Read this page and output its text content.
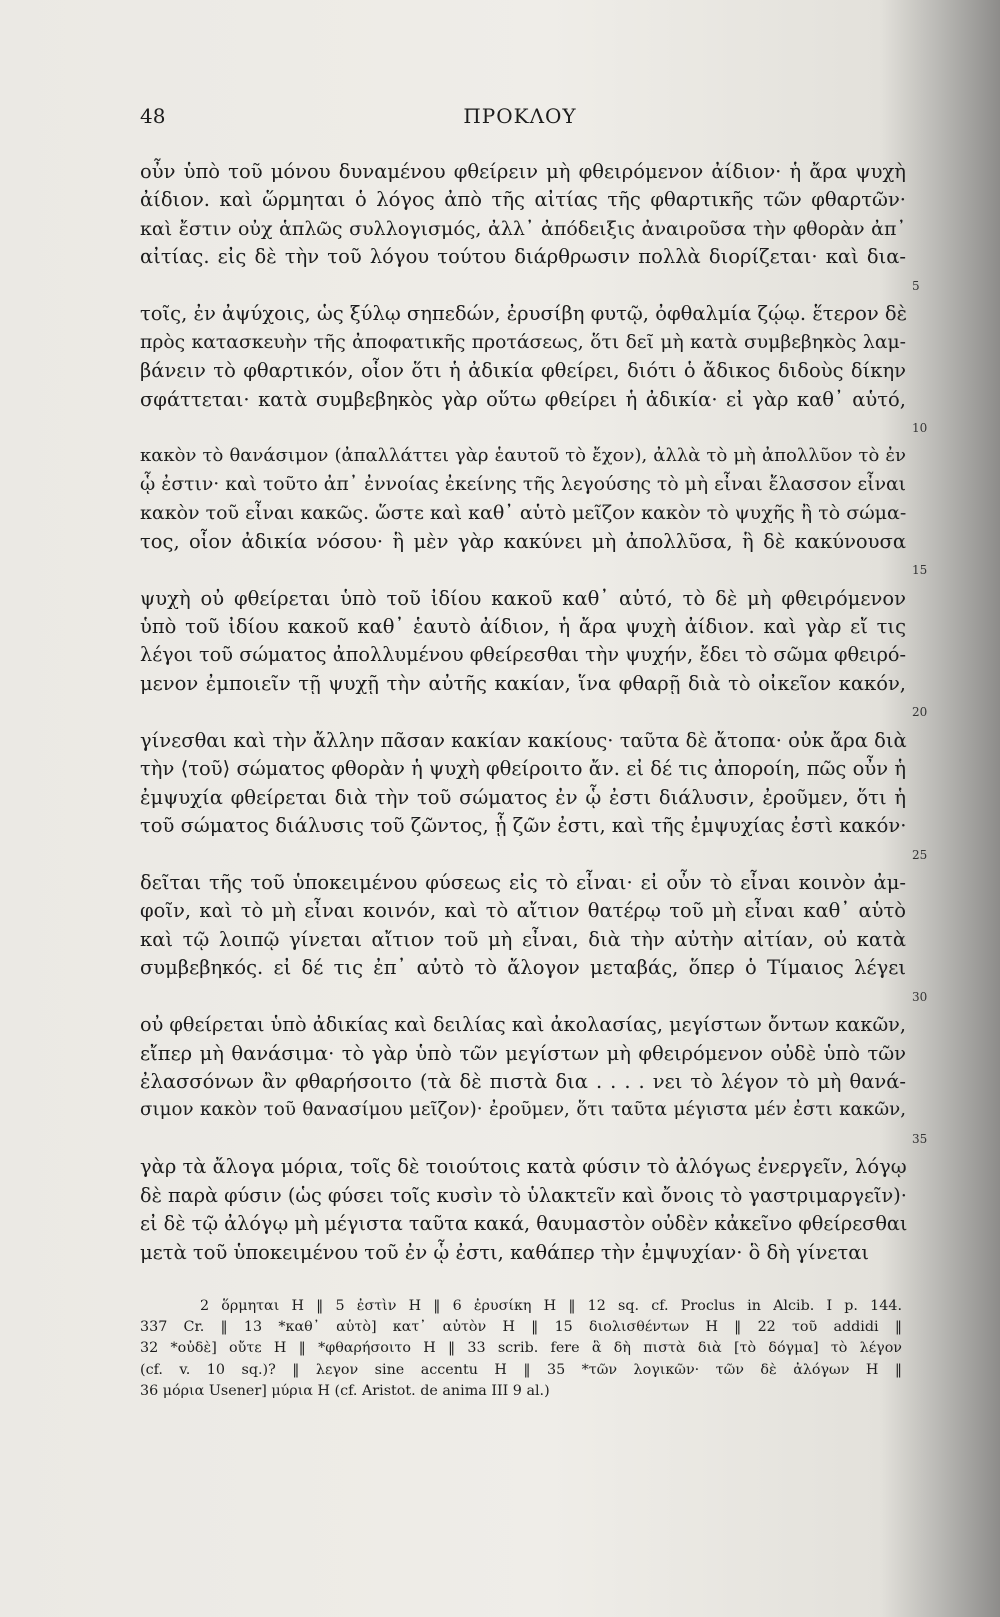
48	ΠΡΟΚΛΟΥ
οὖν ὑπὸ τοῦ μόνου δυναμένου φθείρειν μὴ φθειρόμενον ἀίδιον· ἡ ἄρα ψυχὴ
ἀίδιον. καὶ ὥρμηται ὁ λόγος ἀπὸ τῆς αἰτίας τῆς φθαρτικῆς τῶν φθαρτῶν·
καὶ ἔστιν οὐχ ἁπλῶς συλλογισμός, ἀλλ᾽ ἀπόδειξις ἀναιροῦσα τὴν φθορὰν ἀπ᾽
αἰτίας. εἰς δὲ τὴν τοῦ λόγου τούτου διάρθρωσιν πολλὰ διορίζεται· καὶ δια-
5
τοῖς, ἐν ἀψύχοις, ὡς ξύλῳ σηπεδών, ἐρυσίβη φυτῷ, ὀφθαλμία ζῴῳ. ἕτερον δὲ
πρὸς κατασκευὴν τῆς ἀποφατικῆς προτάσεως, ὅτι δεῖ μὴ κατὰ συμβεβηκὸς λαμ-
βάνειν τὸ φθαρτικόν, οἷον ὅτι ἡ ἀδικία φθείρει, διότι ὁ ἄδικος διδοὺς δίκην
σφάττεται· κατὰ συμβεβηκὸς γὰρ οὕτω φθείρει ἡ ἀδικία· εἰ γὰρ καθ᾽ αὑτό,
10
κακὸν τὸ θανάσιμον (ἀπαλλάττει γὰρ ἑαυτοῦ τὸ ἔχον), ἀλλὰ τὸ μὴ ἀπολλῦον τὸ ἐν
ᾧ ἐστιν· καὶ τοῦτο ἀπ᾽ ἐννοίας ἐκείνης τῆς λεγούσης τὸ μὴ εἶναι ἔλασσον εἶναι
κακὸν τοῦ εἶναι κακῶς. ὥστε καὶ καθ᾽ αὑτὸ μεῖζον κακὸν τὸ ψυχῆς ἢ τὸ σώμα-
τος, οἷον ἀδικία νόσου· ἣ μὲν γὰρ κακύνει μὴ ἀπολλῦσα, ἣ δὲ κακύνουσα
15
ψυχὴ οὐ φθείρεται ὑπὸ τοῦ ἰδίου κακοῦ καθ᾽ αὑτό, τὸ δὲ μὴ φθειρόμενον
ὑπὸ τοῦ ἰδίου κακοῦ καθ᾽ ἑαυτὸ ἀίδιον, ἡ ἄρα ψυχὴ ἀίδιον. καὶ γὰρ εἴ τις
λέγοι τοῦ σώματος ἀπολλυμένου φθείρεσθαι τὴν ψυχήν, ἔδει τὸ σῶμα φθειρό-
μενον ἐμποιεῖν τῇ ψυχῇ τὴν αὐτῆς κακίαν, ἵνα φθαρῇ διὰ τὸ οἰκεῖον κακόν,
20
γίνεσθαι καὶ τὴν ἄλλην πᾶσαν κακίαν κακίους· ταῦτα δὲ ἄτοπα· οὐκ ἄρα διὰ
τὴν ⟨τοῦ⟩ σώματος φθορὰν ἡ ψυχὴ φθείροιτο ἄν. εἰ δέ τις ἀποροίη, πῶς οὖν ἡ
ἐμψυχία φθείρεται διὰ τὴν τοῦ σώματος ἐν ᾧ ἐστι διάλυσιν, ἐροῦμεν, ὅτι ἡ
τοῦ σώματος διάλυσις τοῦ ζῶντος, ᾗ ζῶν ἐστι, καὶ τῆς ἐμψυχίας ἐστὶ κακόν·
25
δεῖται τῆς τοῦ ὑποκειμένου φύσεως εἰς τὸ εἶναι· εἰ οὖν τὸ εἶναι κοινὸν ἀμ-
φοῖν, καὶ τὸ μὴ εἶναι κοινόν, καὶ τὸ αἴτιον θατέρῳ τοῦ μὴ εἶναι καθ᾽ αὑτὸ
καὶ τῷ λοιπῷ γίνεται αἴτιον τοῦ μὴ εἶναι, διὰ τὴν αὐτὴν αἰτίαν, οὐ κατὰ
συμβεβηκός. εἰ δέ τις ἐπ᾽ αὐτὸ τὸ ἄλογον μεταβάς, ὅπερ ὁ Τίμαιος λέγει
30
οὐ φθείρεται ὑπὸ ἀδικίας καὶ δειλίας καὶ ἀκολασίας, μεγίστων ὄντων κακῶν,
εἴπερ μὴ θανάσιμα· τὸ γὰρ ὑπὸ τῶν μεγίστων μὴ φθειρόμενον οὐδὲ ὑπὸ τῶν
ἐλασσόνων ἂν φθαρήσοιτο (τὰ δὲ πιστὰ δια . . . . νει τὸ λέγον τὸ μὴ θανά-
σιμον κακὸν τοῦ θανασίμου μεῖζον)· ἐροῦμεν, ὅτι ταῦτα μέγιστα μέν ἐστι κακῶν,
35
γὰρ τὰ ἄλογα μόρια, τοῖς δὲ τοιούτοις κατὰ φύσιν τὸ ἀλόγως ἐνεργεῖν, λόγῳ
δὲ παρὰ φύσιν (ὡς φύσει τοῖς κυσὶν τὸ ὑλακτεῖν καὶ ὄνοις τὸ γαστριμαργεῖν)·
εἰ δὲ τῷ ἀλόγῳ μὴ μέγιστα ταῦτα κακά, θαυμαστὸν οὐδὲν κἀκεῖνο φθείρεσθαι
μετὰ τοῦ ὑποκειμένου τοῦ ἐν ᾧ ἐστι, καθάπερ τὴν ἐμψυχίαν· ὃ δὴ γίνεται
2 ὅρμηται H ‖ 5 ἐστὶν H ‖ 6 ἐρυσίκη H ‖ 12 sq. cf. Proclus in Alcib. I p. 144.
337 Cr. ‖ 13 *καθ᾽ αὑτὸ] κατ᾽ αὐτὸν H ‖ 15 διολισθέντων H ‖ 22 τοῦ addidi ‖
32 *οὐδὲ] οὔτε H ‖ *φθαρήσοιτο H ‖ 33 scrib. fere ἃ δὴ πιστὰ διὰ [τὸ δόγμα] τὸ λέγον
(cf. v. 10 sq.)? ‖ λεγον sine accentu H ‖ 35 *τῶν λογικῶν· τῶν δὲ ἀλόγων H ‖
36 μόρια Usener] μύρια H (cf. Aristot. de anima III 9 al.)
